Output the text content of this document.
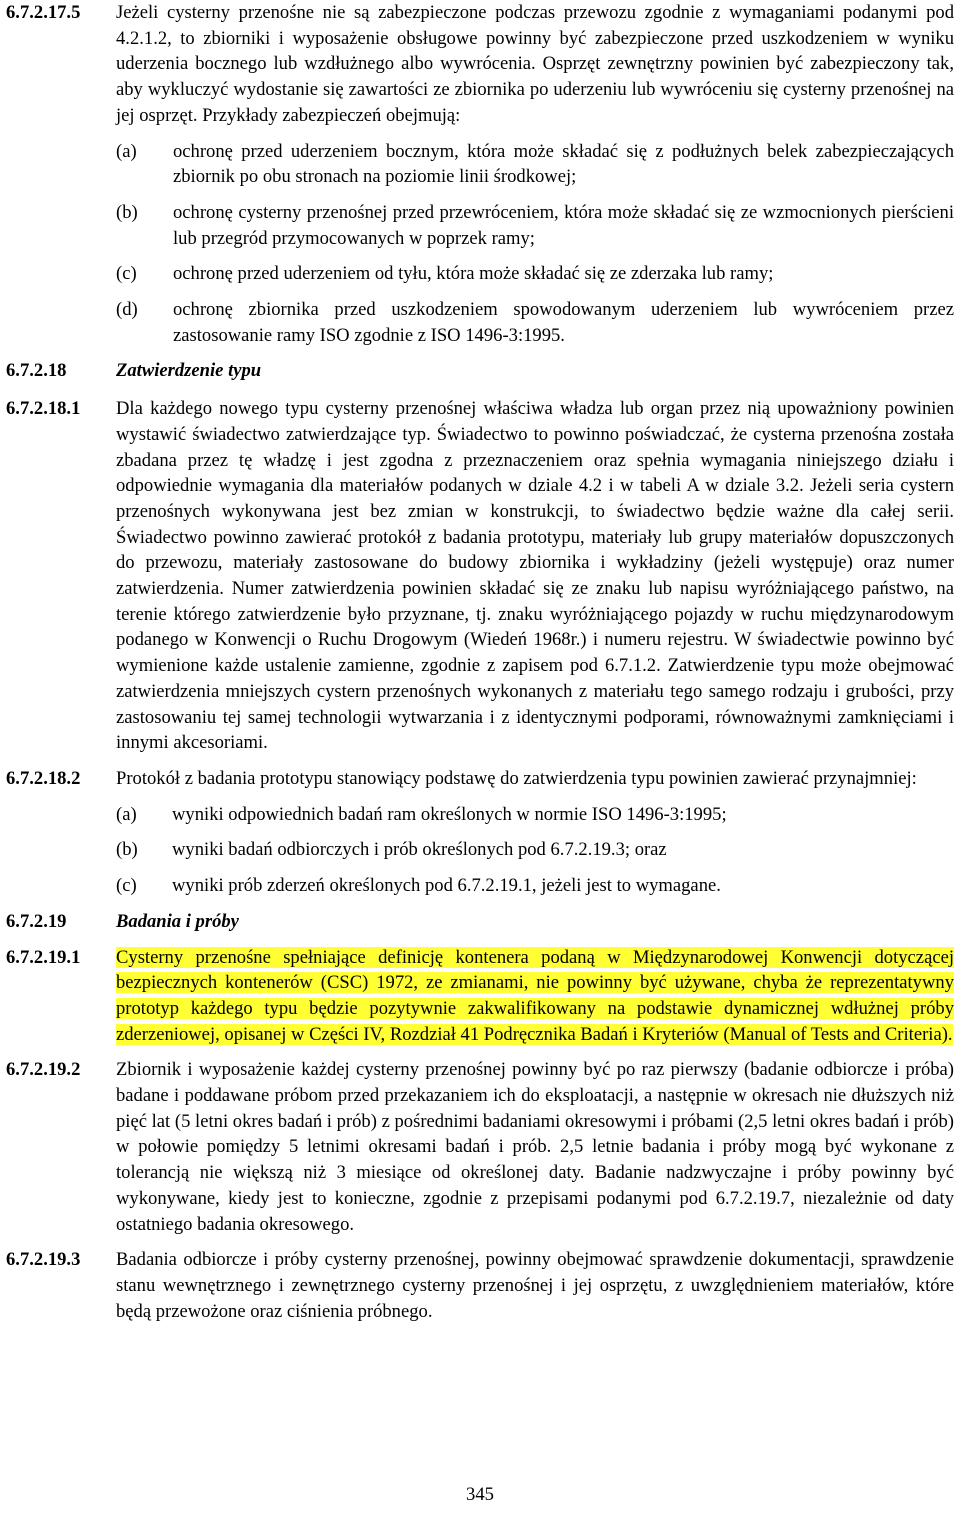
6.7.2.17.5 Jeżeli cysterny przenośne nie są zabezpieczone podczas przewozu zgodnie z wymaganiami podanymi pod 4.2.1.2, to zbiorniki i wyposażenie obsługowe powinny być zabezpieczone przed uszkodzeniem w wyniku uderzenia bocznego lub wzdłużnego albo wywrócenia. Osprzęt zewnętrzny powinien być zabezpieczony tak, aby wykluczyć wydostanie się zawartości ze zbiornika po uderzeniu lub wywróceniu się cysterny przenośnej na jej osprzęt. Przykłady zabezpieczeń obejmują:

(a)	ochronę przed uderzeniem bocznym, która może składać się z podłużnych belek zabezpieczających zbiornik po obu stronach na poziomie linii środkowej;
(b)	ochronę cysterny przenośnej przed przewróceniem, która może składać się ze wzmocnionych pierścieni lub przegród przymocowanych w poprzek ramy;
(c)	ochronę przed uderzeniem od tyłu, która może składać się ze zderzaka lub ramy;
(d)	ochronę zbiornika przed uszkodzeniem spowodowanym uderzeniem lub wywróceniem przez zastosowanie ramy ISO zgodnie z ISO 1496-3:1995.
6.7.2.18	Zatwierdzenie typu

6.7.2.18.1 Dla każdego nowego typu cysterny przenośnej właściwa władza lub organ przez nią upoważniony powinien wystawić świadectwo zatwierdzające typ. Świadectwo to powinno poświadczać, że cysterna przenośna została zbadana przez tę władzę i jest zgodna z przeznaczeniem oraz spełnia wymagania niniejszego działu i odpowiednie wymagania dla materiałów podanych w dziale 4.2 i w tabeli A w dziale 3.2. Jeżeli seria cystern przenośnych wykonywana jest bez zmian w konstrukcji, to świadectwo będzie ważne dla całej serii. Świadectwo powinno zawierać protokół z badania prototypu, materiały lub grupy materiałów dopuszczonych do przewozu, materiały zastosowane do budowy zbiornika i wykładziny (jeżeli występuje) oraz numer zatwierdzenia. Numer zatwierdzenia powinien składać się ze znaku lub napisu wyróżniającego państwo, na terenie którego zatwierdzenie było przyznane, tj. znaku wyróżniającego pojazdy w ruchu międzynarodowym podanego w Konwencji o Ruchu Drogowym (Wiedeń 1968r.) i numeru rejestru. W świadectwie powinno być wymienione każde ustalenie zamienne, zgodnie z zapisem pod 6.7.1.2. Zatwierdzenie typu może obejmować zatwierdzenia mniejszych cystern przenośnych wykonanych z materiału tego samego rodzaju i grubości, przy zastosowaniu tej samej technologii wytwarzania i z identycznymi podporami, równoważnymi zamknięciami i innymi akcesoriami.

6.7.2.18.2 Protokół z badania prototypu stanowiący podstawę do zatwierdzenia typu powinien zawierać przynajmniej:

(a)	wyniki odpowiednich badań ram określonych w normie ISO 1496-3:1995;
(b)	wyniki badań odbiorczych i prób określonych pod 6.7.2.19.3; oraz
(c)	wyniki prób zderzeń określonych pod 6.7.2.19.1, jeżeli jest to wymagane.
6.7.2.19	Badania i próby

6.7.2.19.1 Cysterny przenośne spełniające definicję kontenera podaną w Międzynarodowej Konwencji dotyczącej bezpiecznych kontenerów (CSC) 1972, ze zmianami, nie powinny być używane, chyba że reprezentatywny prototyp każdego typu będzie pozytywnie zakwalifikowany na podstawie dynamicznej wdłużnej próby zderzeniowej, opisanej w Części IV, Rozdział 41 Podręcznika Badań i Kryteriów (Manual of Tests and Criteria).

6.7.2.19.2 Zbiornik i wyposażenie każdej cysterny przenośnej powinny być po raz pierwszy (badanie odbiorcze i próba) badane i poddawane próbom przed przekazaniem ich do eksploatacji, a następnie w okresach nie dłuższych niż pięć lat (5 letni okres badań i prób) z pośrednimi badaniami okresowymi i próbami (2,5 letni okres badań i prób) w połowie pomiędzy 5 letnimi okresami badań i prób. 2,5 letnie badania i próby mogą być wykonane z tolerancją nie większą niż 3 miesiące od określonej daty. Badanie nadzwyczajne i próby powinny być wykonywane, kiedy jest to konieczne, zgodnie z przepisami podanymi pod 6.7.2.19.7, niezależnie od daty ostatniego badania okresowego.

6.7.2.19.3 Badania odbiorcze i próby cysterny przenośnej, powinny obejmować sprawdzenie dokumentacji, sprawdzenie stanu wewnętrznego i zewnętrznego cysterny przenośnej i jej osprzętu, z uwzględnieniem materiałów, które będą przewożone oraz ciśnienia próbnego.

345
